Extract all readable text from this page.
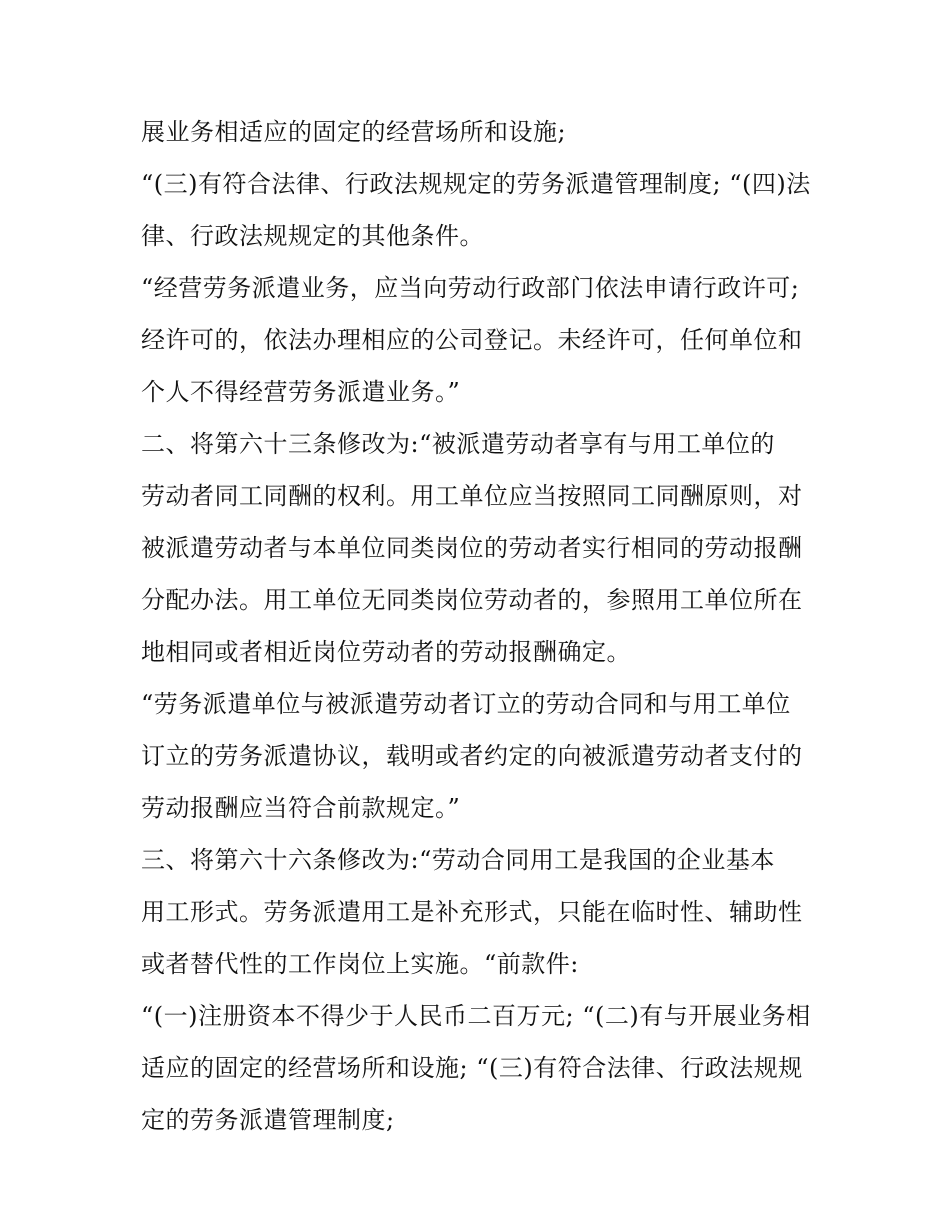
展业务相适应的固定的经营场所和设施;
“(三)有符合法律、行政法规规定的劳务派遣管理制度; “(四)法
律、行政法规规定的其他条件。
“经营劳务派遣业务，应当向劳动行政部门依法申请行政许可;
经许可的，依法办理相应的公司登记。未经许可，任何单位和
个人不得经营劳务派遣业务。”
二、将第六十三条修改为:“被派遣劳动者享有与用工单位的
劳动者同工同酬的权利。用工单位应当按照同工同酬原则，对
被派遣劳动者与本单位同类岗位的劳动者实行相同的劳动报酬
分配办法。用工单位无同类岗位劳动者的，参照用工单位所在
地相同或者相近岗位劳动者的劳动报酬确定。
“劳务派遣单位与被派遣劳动者订立的劳动合同和与用工单位
订立的劳务派遣协议，载明或者约定的向被派遣劳动者支付的
劳动报酬应当符合前款规定。”
三、将第六十六条修改为:“劳动合同用工是我国的企业基本
用工形式。劳务派遣用工是补充形式，只能在临时性、辅助性
或者替代性的工作岗位上实施。“前款件:
“(一)注册资本不得少于人民币二百万元; “(二)有与开展业务相
适应的固定的经营场所和设施; “(三)有符合法律、行政法规规
定的劳务派遣管理制度;
